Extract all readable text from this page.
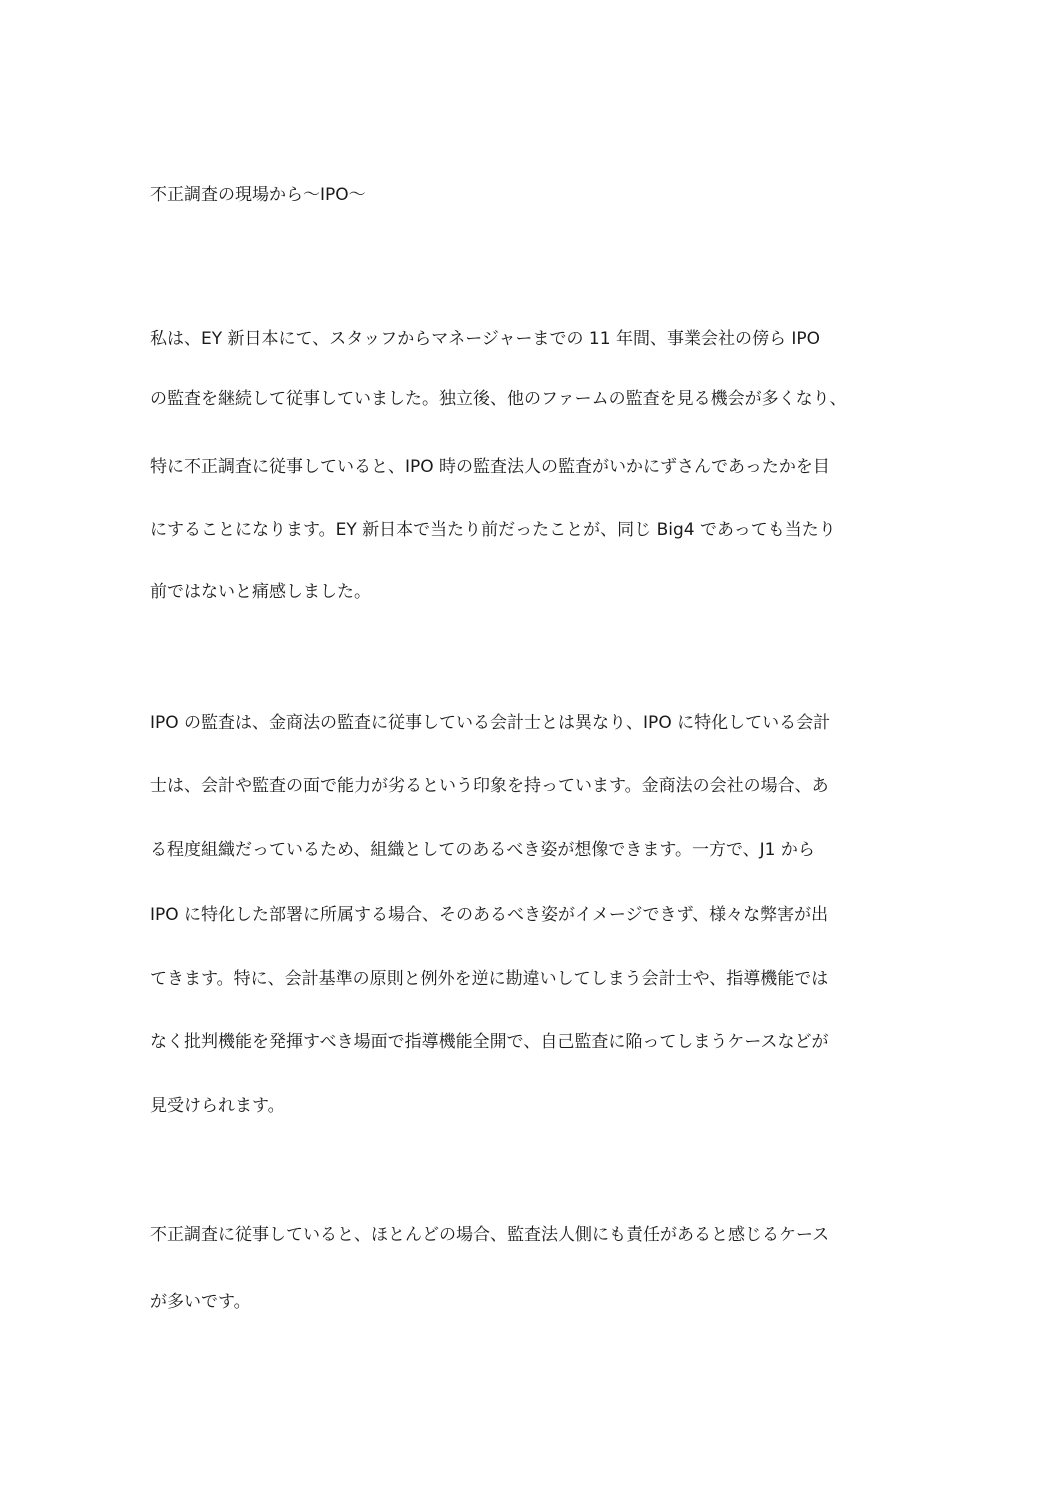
不正調査の現場から～IPO～
私は、EY 新日本にて、スタッフからマネージャーまでの 11 年間、事業会社の傍ら IPO
の監査を継続して従事していました。独立後、他のファームの監査を見る機会が多くなり、
特に不正調査に従事していると、IPO 時の監査法人の監査がいかにずさんであったかを目
にすることになります。EY 新日本で当たり前だったことが、同じ Big4 であっても当たり
前ではないと痛感しました。
IPO の監査は、金商法の監査に従事している会計士とは異なり、IPO に特化している会計
士は、会計や監査の面で能力が劣るという印象を持っています。金商法の会社の場合、あ
る程度組織だっているため、組織としてのあるべき姿が想像できます。一方で、J1 から
IPO に特化した部署に所属する場合、そのあるべき姿がイメージできず、様々な弊害が出
てきます。特に、会計基準の原則と例外を逆に勘違いしてしまう会計士や、指導機能では
なく批判機能を発揮すべき場面で指導機能全開で、自己監査に陥ってしまうケースなどが
見受けられます。
不正調査に従事していると、ほとんどの場合、監査法人側にも責任があると感じるケース
が多いです。
